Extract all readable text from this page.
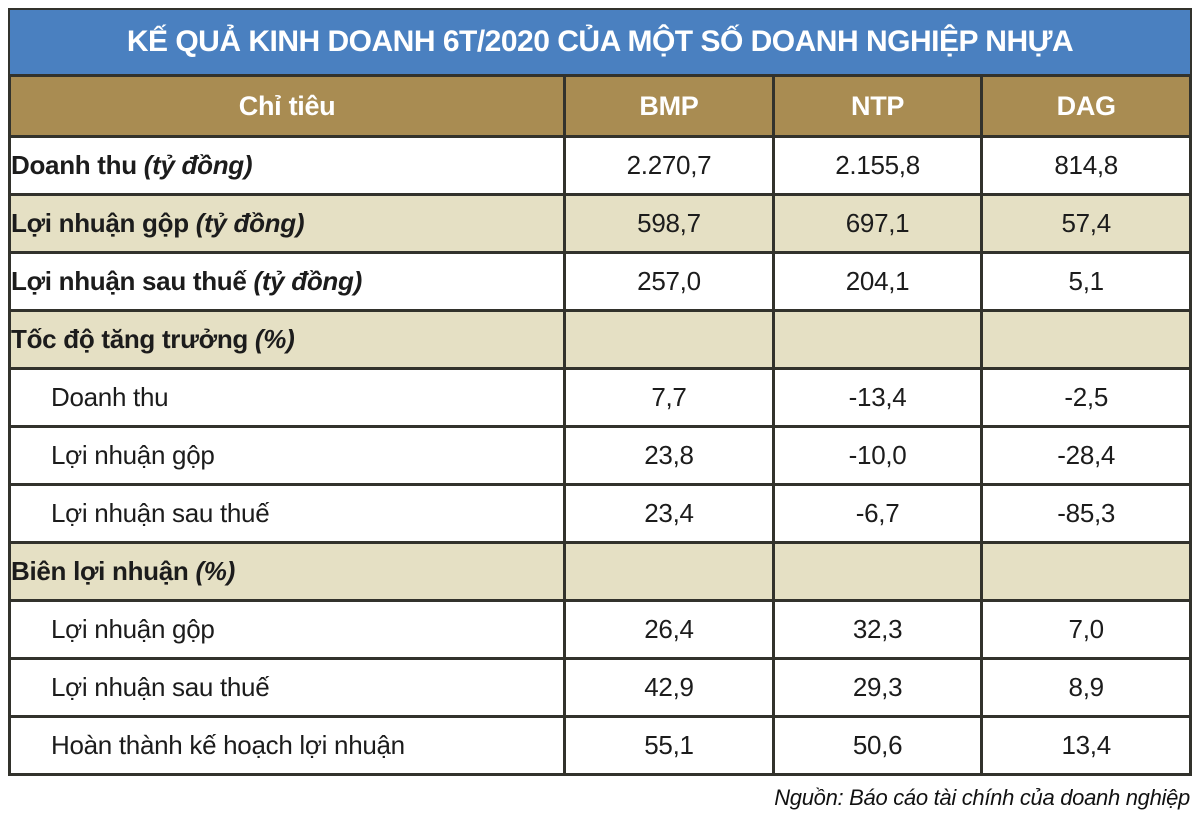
KẾ QUẢ KINH DOANH 6T/2020 CỦA MỘT SỐ DOANH NGHIỆP NHỰA
Chỉ tiêu	BMP	NTP	DAG
Doanh thu (tỷ đồng)	2.270,7	2.155,8	814,8
Lợi nhuận gộp (tỷ đồng)	598,7	697,1	57,4
Lợi nhuận sau thuế (tỷ đồng)	257,0	204,1	5,1
Tốc độ tăng trưởng (%)			
Doanh thu	7,7	-13,4	-2,5
Lợi nhuận gộp	23,8	-10,0	-28,4
Lợi nhuận sau thuế	23,4	-6,7	-85,3
Biên lợi nhuận (%)			
Lợi nhuận gộp	26,4	32,3	7,0
Lợi nhuận sau thuế	42,9	29,3	8,9
Hoàn thành kế hoạch lợi nhuận	55,1	50,6	13,4
Nguồn: Báo cáo tài chính của doanh nghiệp
